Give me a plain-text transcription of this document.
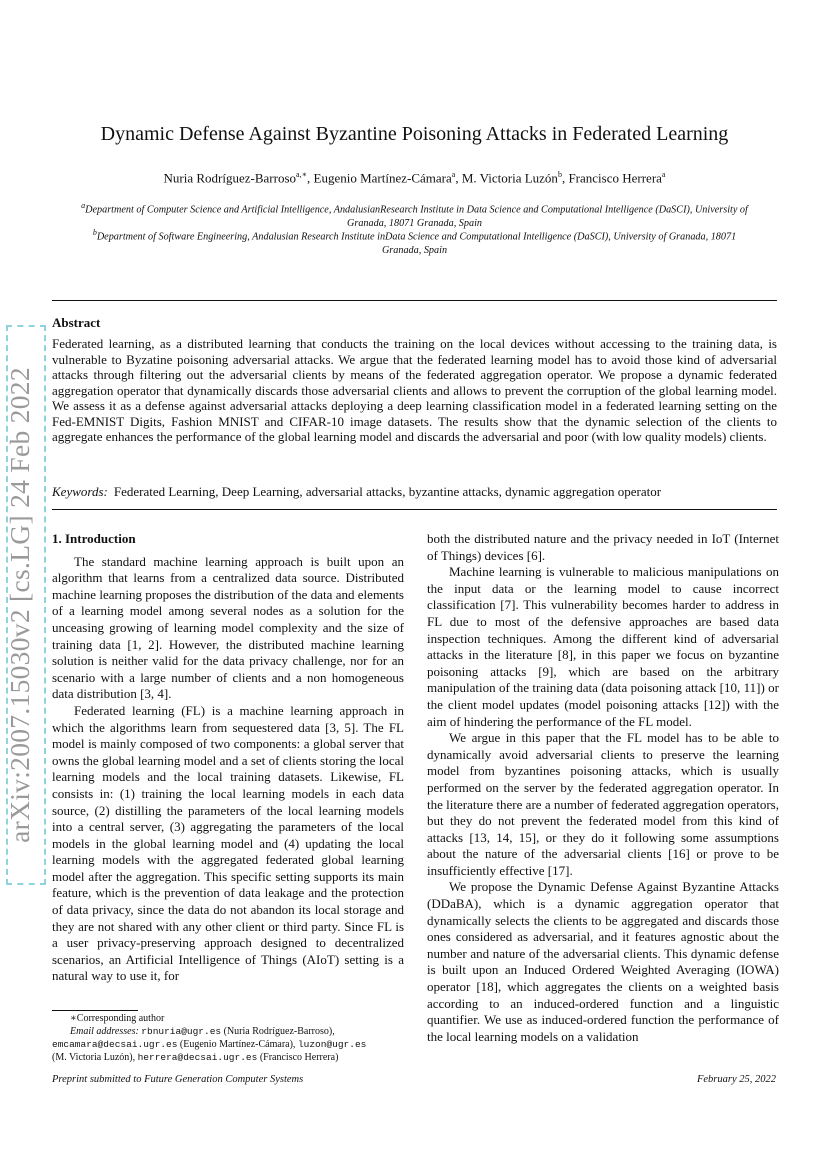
arXiv:2007.15030v2 [cs.LG] 24 Feb 2022
Dynamic Defense Against Byzantine Poisoning Attacks in Federated Learning
Nuria Rodríguez-Barroso$^{a,∗}$, Eugenio Martínez-Cámara$^a$, M. Victoria Luzón$^b$, Francisco Herrera$^a$
$^a$Department of Computer Science and Artificial Intelligence, AndalusianResearch Institute in Data Science and Computational Intelligence (DaSCI), University of
Granada, 18071 Granada, Spain
$^b$Department of Software Engineering, Andalusian Research Institute inData Science and Computational Intelligence (DaSCI), University of Granada, 18071
Granada, Spain
Abstract
Federated learning, as a distributed learning that conducts the training on the local devices without accessing to the training data, is vulnerable to Byzatine poisoning adversarial attacks. We argue that the federated learning model has to avoid those kind of adversarial attacks through filtering out the adversarial clients by means of the federated aggregation operator. We propose a dynamic federated aggregation operator that dynamically discards those adversarial clients and allows to prevent the corruption of the global learning model. We assess it as a defense against adversarial attacks deploying a deep learning classification model in a federated learning setting on the Fed-EMNIST Digits, Fashion MNIST and CIFAR-10 image datasets. The results show that the dynamic selection of the clients to aggregate enhances the performance of the global learning model and discards the adversarial and poor (with low quality models) clients.
Keywords: Federated Learning, Deep Learning, adversarial attacks, byzantine attacks, dynamic aggregation operator

1. Introduction

The standard machine learning approach is built upon an algorithm that learns from a centralized data source. Distributed machine learning proposes the distribution of the data and elements of a learning model among several nodes as a solution for the unceasing growing of learning model complexity and the size of training data [1, 2]. However, the distributed machine learning solution is neither valid for the data privacy challenge, nor for an scenario with a large number of clients and a non homogeneous data distribution [3, 4].

Federated learning (FL) is a machine learning approach in which the algorithms learn from sequestered data [3, 5]. The FL model is mainly composed of two components: a global server that owns the global learning model and a set of clients storing the local learning models and the local training datasets. Likewise, FL consists in: (1) training the local learning models in each data source, (2) distilling the parameters of the local learning models into a central server, (3) aggregating the parameters of the local models in the global learning model and (4) updating the local learning models with the aggregated federated global learning model after the aggregation. This specific setting supports its main feature, which is the prevention of data leakage and the protection of data privacy, since the data do not abandon its local storage and they are not shared with any other client or third party. Since FL is a user privacy-preserving approach designed to decentralized scenarios, an Artificial Intelligence of Things (AIoT) setting is a natural way to use it, for

both the distributed nature and the privacy needed in IoT (Internet of Things) devices [6].

Machine learning is vulnerable to malicious manipulations on the input data or the learning model to cause incorrect classification [7]. This vulnerability becomes harder to address in FL due to most of the defensive approaches are based data inspection techniques. Among the different kind of adversarial attacks in the literature [8], in this paper we focus on byzantine poisoning attacks [9], which are based on the arbitrary manipulation of the training data (data poisoning attack [10, 11]) or the client model updates (model poisoning attacks [12]) with the aim of hindering the performance of the FL model.

We argue in this paper that the FL model has to be able to dynamically avoid adversarial clients to preserve the learning model from byzantines poisoning attacks, which is usually performed on the server by the federated aggregation operator. In the literature there are a number of federated aggregation operators, but they do not prevent the federated model from this kind of attacks [13, 14, 15], or they do it following some assumptions about the nature of the adversarial clients [16] or prove to be insufficiently effective [17].

We propose the Dynamic Defense Against Byzantine Attacks (DDaBA), which is a dynamic aggregation operator that dynamically selects the clients to be aggregated and discards those ones considered as adversarial, and it features agnostic about the number and nature of the adversarial clients. This dynamic defense is built upon an Induced Ordered Weighted Averaging (IOWA) operator [18], which aggregates the clients on a weighted basis according to an induced-ordered function and a linguistic quantifier. We use as induced-ordered function the performance of the local learning models on a validation

∗Corresponding author

Email addresses: rbnuria@ugr.es (Nuria Rodríguez-Barroso),

emcamara@decsai.ugr.es (Eugenio Martínez-Cámara), luzon@ugr.es

(M. Victoria Luzón), herrera@decsai.ugr.es (Francisco Herrera)

Preprint submitted to Future Generation Computer Systems	February 25, 2022
